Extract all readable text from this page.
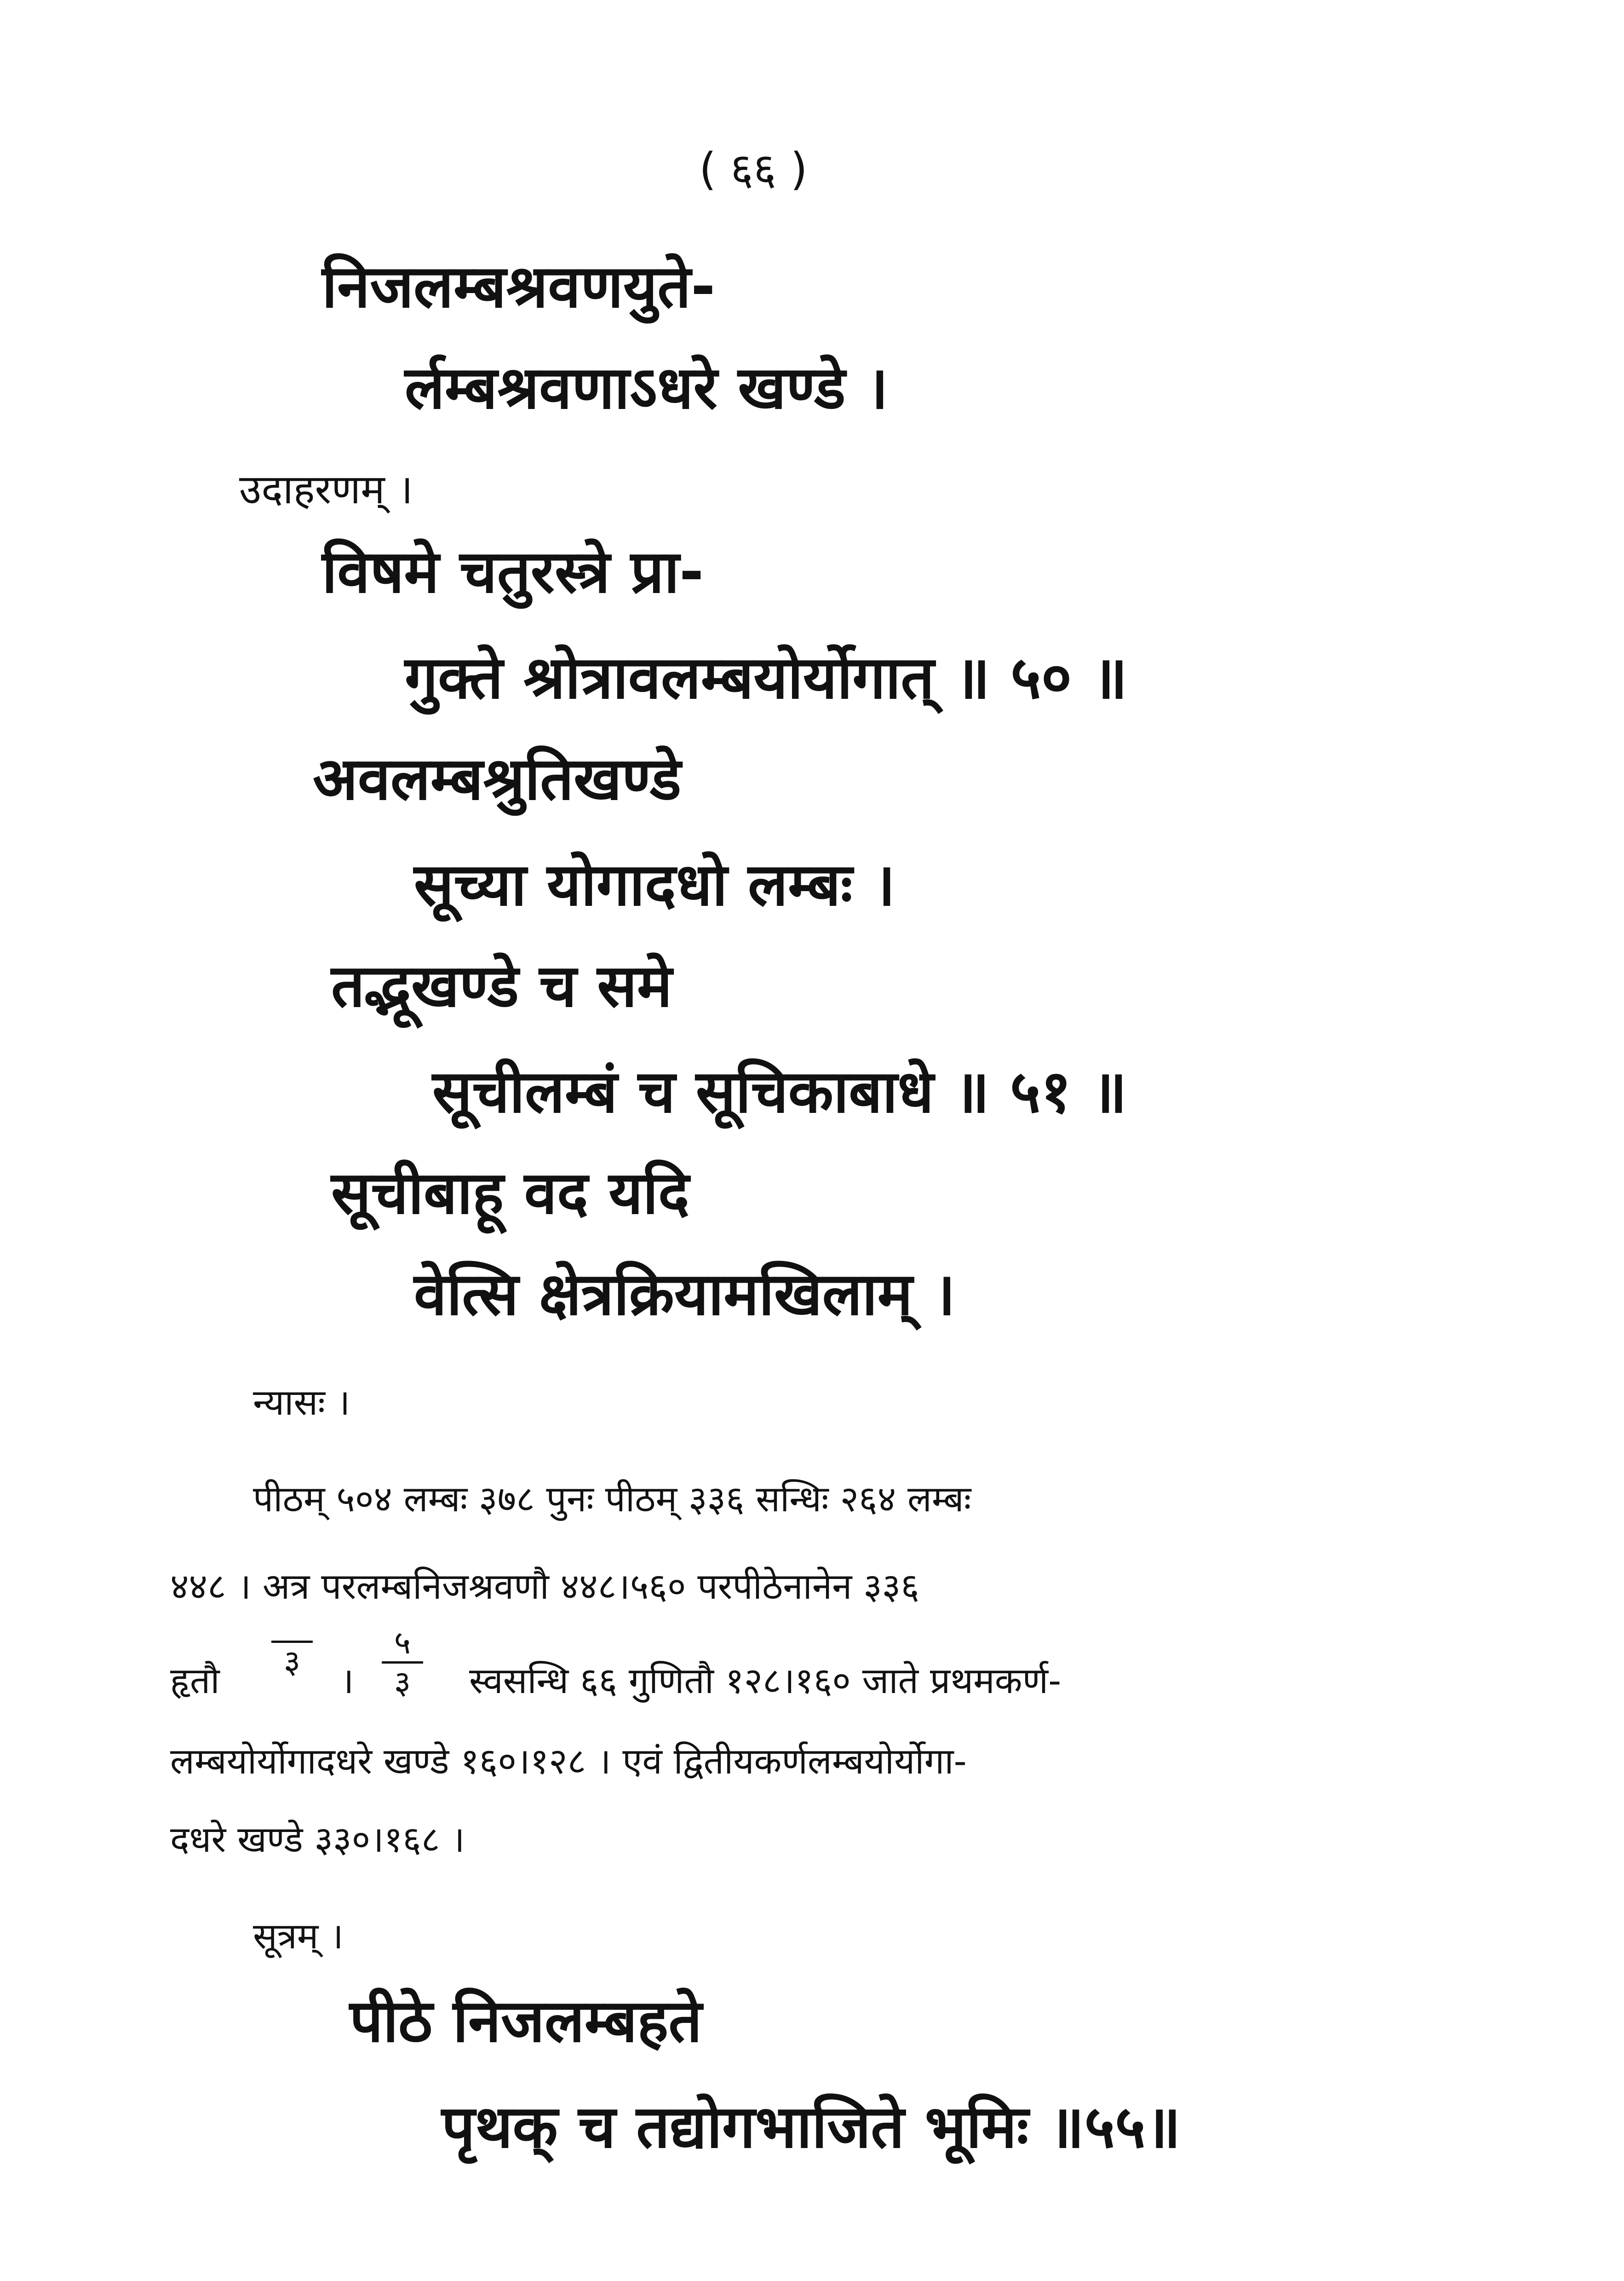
( ६६ )
निजलम्बश्रवणयुते-
र्लम्बश्रवणाऽधरे खण्डे ।
उदाहरणम् ।
विषमे चतुरस्त्रे प्रा-
गुक्ते श्रोत्रावलम्बयोर्योगात् ॥ ५० ॥
अवलम्बश्रुतिखण्डे
सूच्या योगादधो लम्बः ।
तद्भूखण्डे च समे
सूचीलम्बं च सूचिकाबाधे ॥ ५१ ॥
सूचीबाहू वद यदि
वेत्सि क्षेत्रक्रियामखिलाम् ।
न्यासः ।
पीठम् ५०४ लम्बः ३७८ पुनः पीठम् ३३६ सन्धिः २६४ लम्बः
४४८ । अत्र परलम्बनिजश्रवणौ ४४८।५६० परपीठेनानेन ३३६
हृतौ	३	।
५
३	स्वसन्धि ६६ गुणितौ १२८।१६० जाते प्रथमकर्ण-
लम्बयोर्योगादधरे खण्डे १६०।१२८ । एवं द्वितीयकर्णलम्बयोर्योगा-
दधरे खण्डे ३३०।१६८ ।
सूत्रम् ।
पीठे निजलम्बहते
पृथक् च तद्योगभाजिते भूमिः ॥५५॥
